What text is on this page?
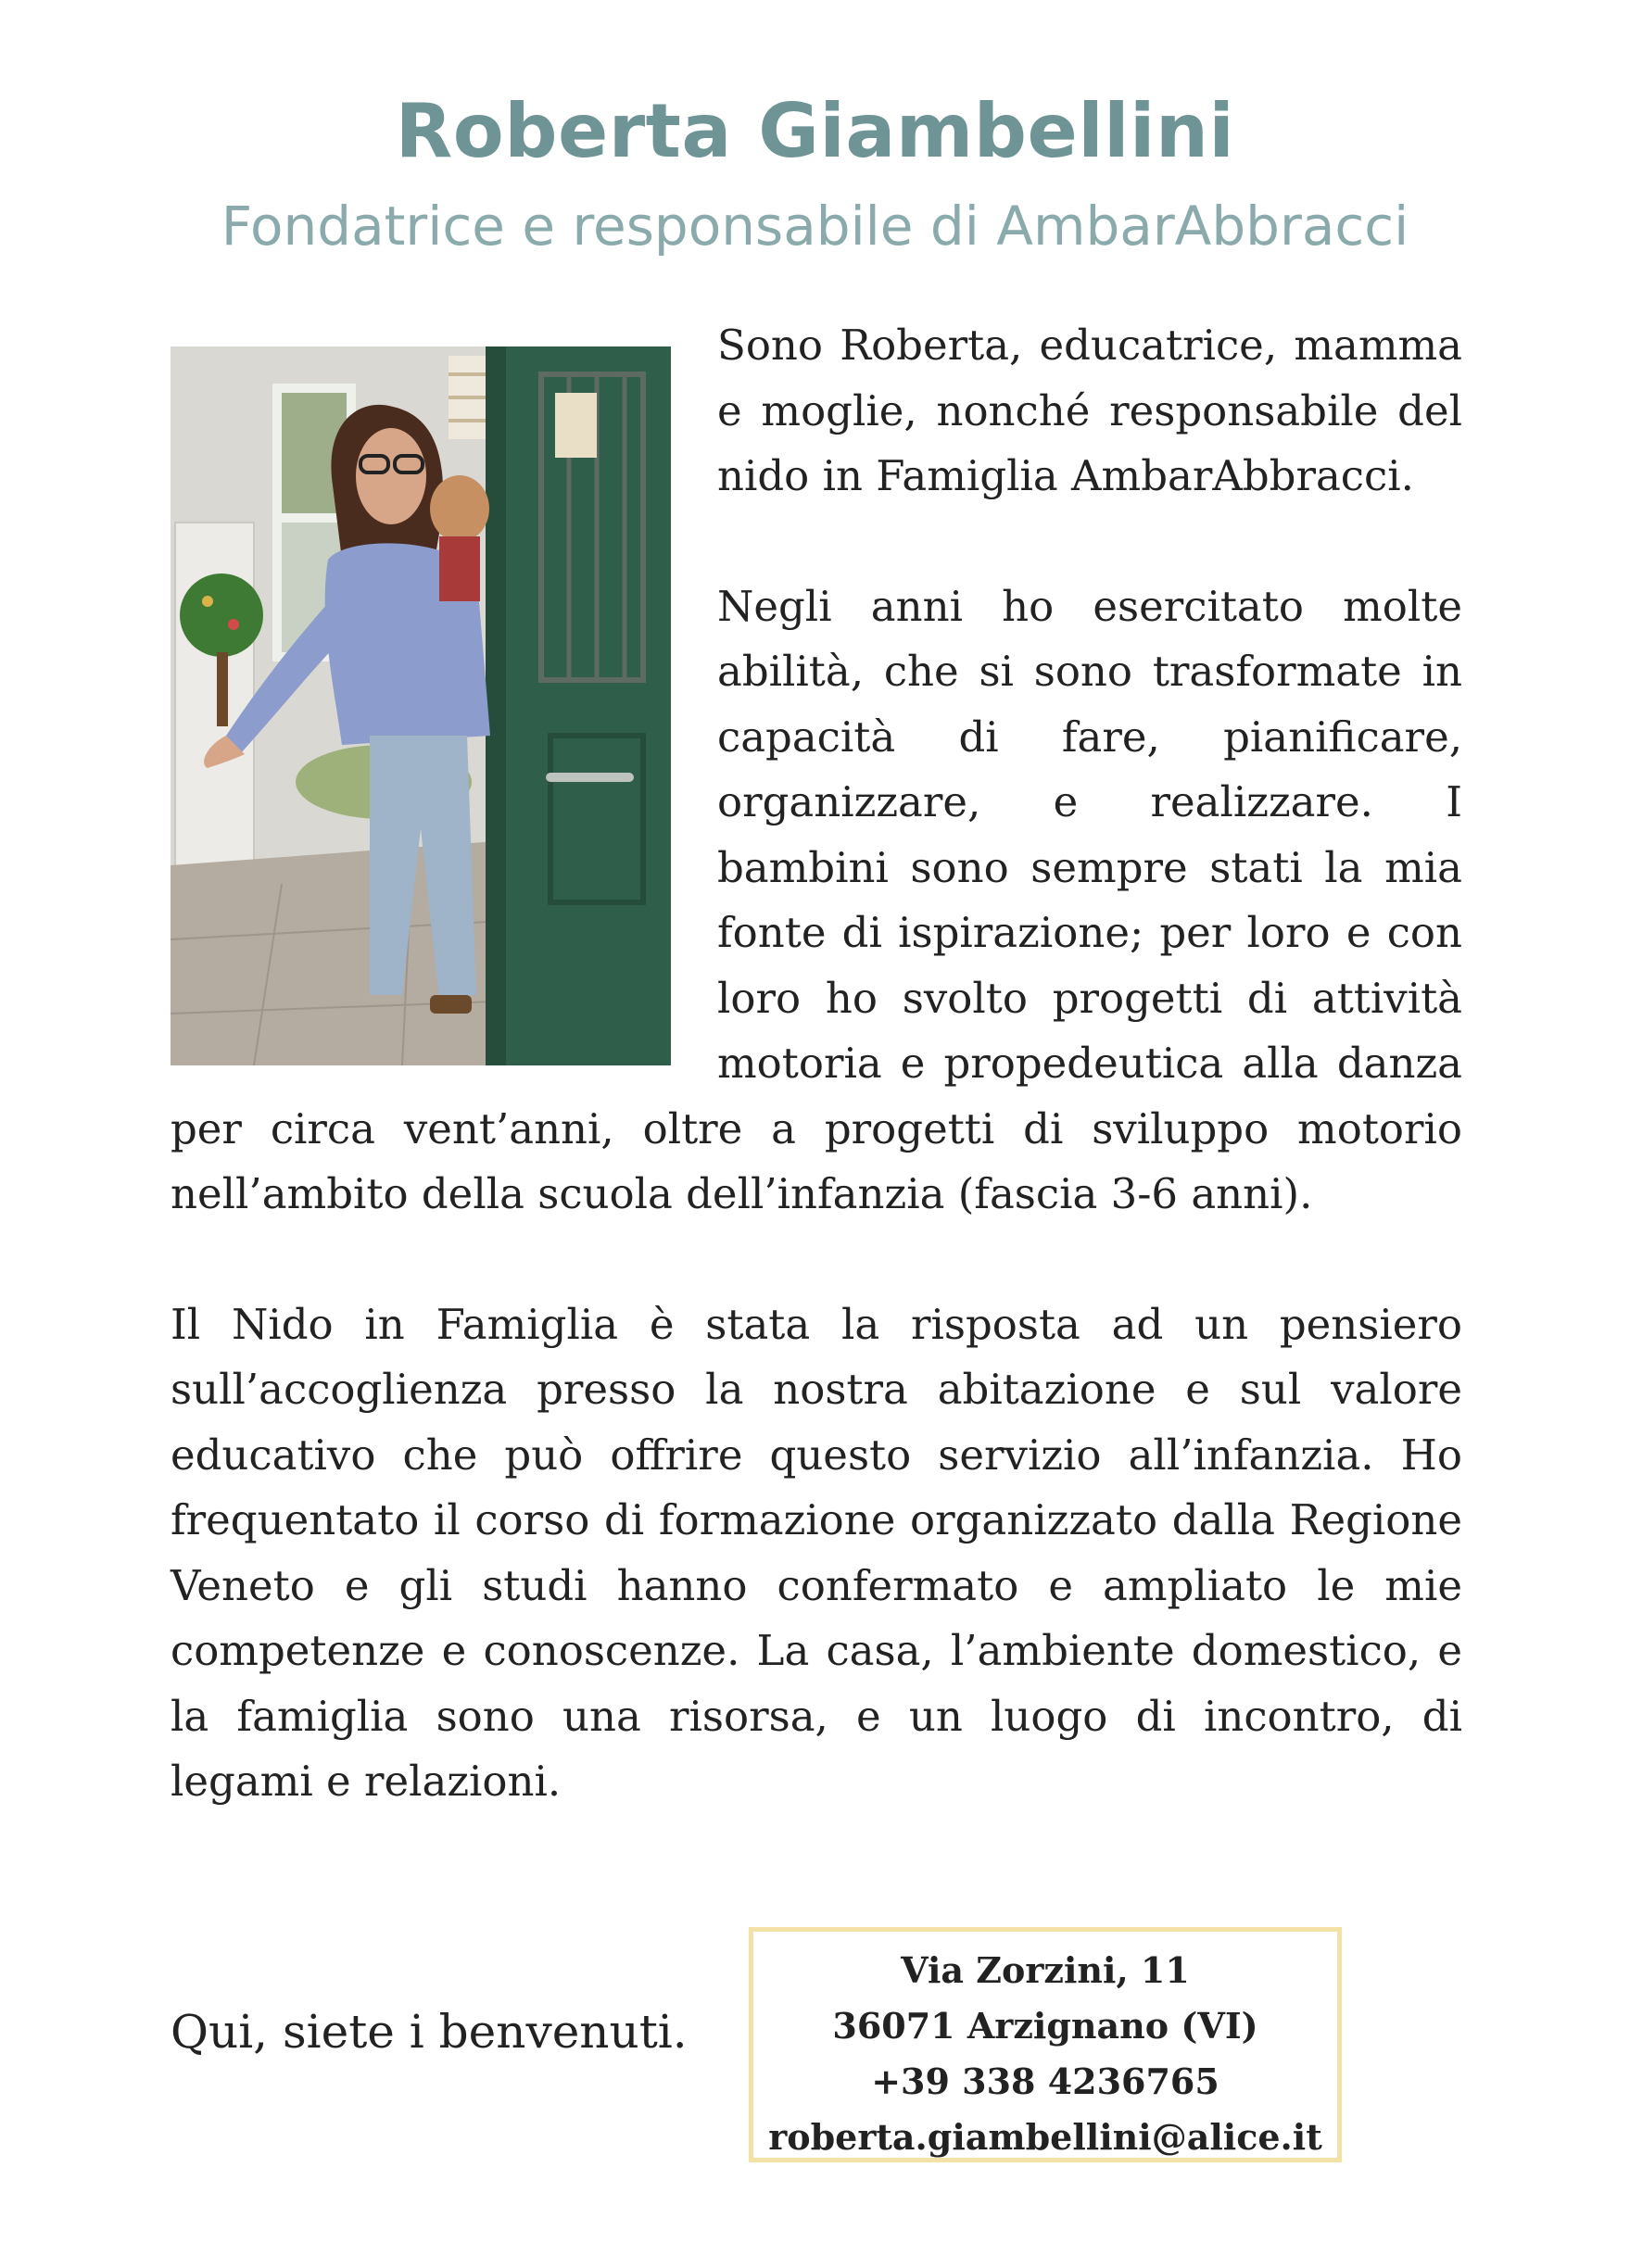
Roberta Giambellini
Fondatrice e responsabile di AmbarAbbracci

Sono Roberta, educatrice, mamma e moglie, nonché responsabile del nido in Famiglia AmbarAbbracci.

Negli anni ho esercitato molte abilità, che si sono trasformate in capacità di fare, pianificare, organizzare, e realizzare. I bambini sono sempre stati la mia fonte di ispirazione; per loro e con loro ho svolto progetti di attività motoria e propedeutica alla danza per circa vent’anni, oltre a progetti di sviluppo motorio nell’ambito della scuola dell’infanzia (fascia 3-6 anni).

Il Nido in Famiglia è stata la risposta ad un pensiero sull’accoglienza presso la nostra abitazione e sul valore educativo che può offrire questo servizio all’infanzia. Ho frequentato il corso di formazione organizzato dalla Regione Veneto e gli studi hanno confermato e ampliato le mie competenze e conoscenze. La casa, l’ambiente domestico, e la famiglia sono una risorsa, e un luogo di incontro, di legami e relazioni.

Qui, siete i benvenuti.
Via Zorzini, 11
36071 Arzignano (VI)
+39 338 4236765
roberta.giambellini@alice.it
